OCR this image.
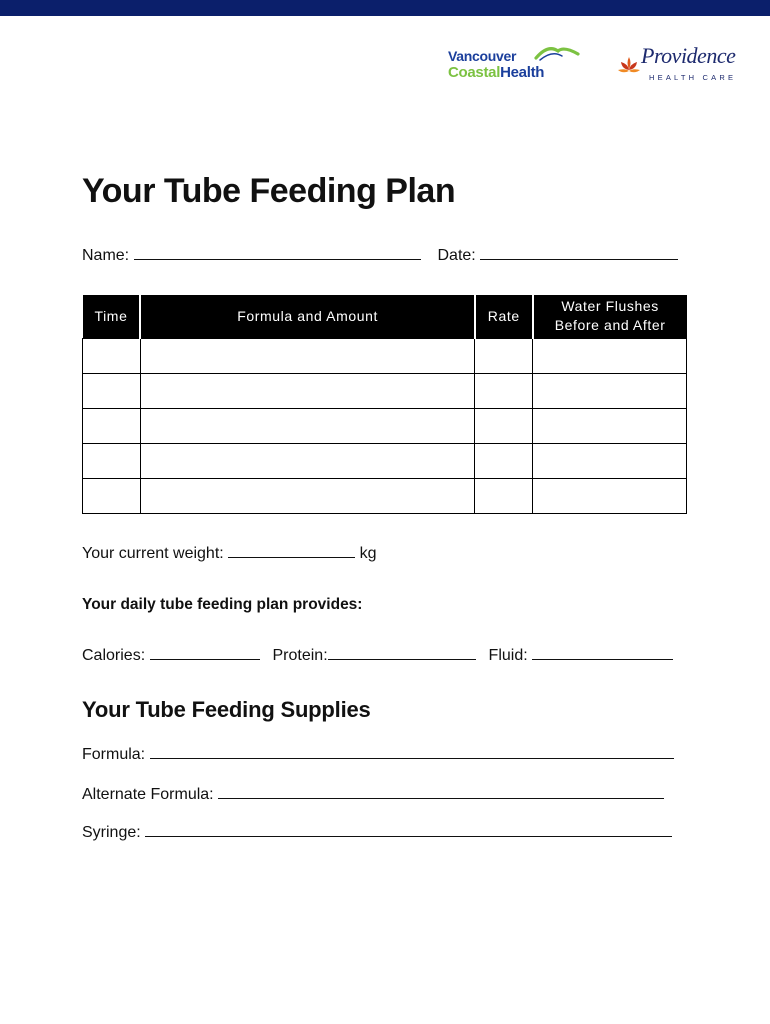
Vancouver
CoastalHealth
Providence
HEALTH CARE
Your Tube Feeding Plan
Name:	Date:
Time	Formula and Amount	Rate	Water Flushes
Before and After

Your current weight:	kg
Your daily tube feeding plan provides:
Calories:	Protein:	Fluid:
Your Tube Feeding Supplies
Formula:
Alternate Formula:
Syringe:
